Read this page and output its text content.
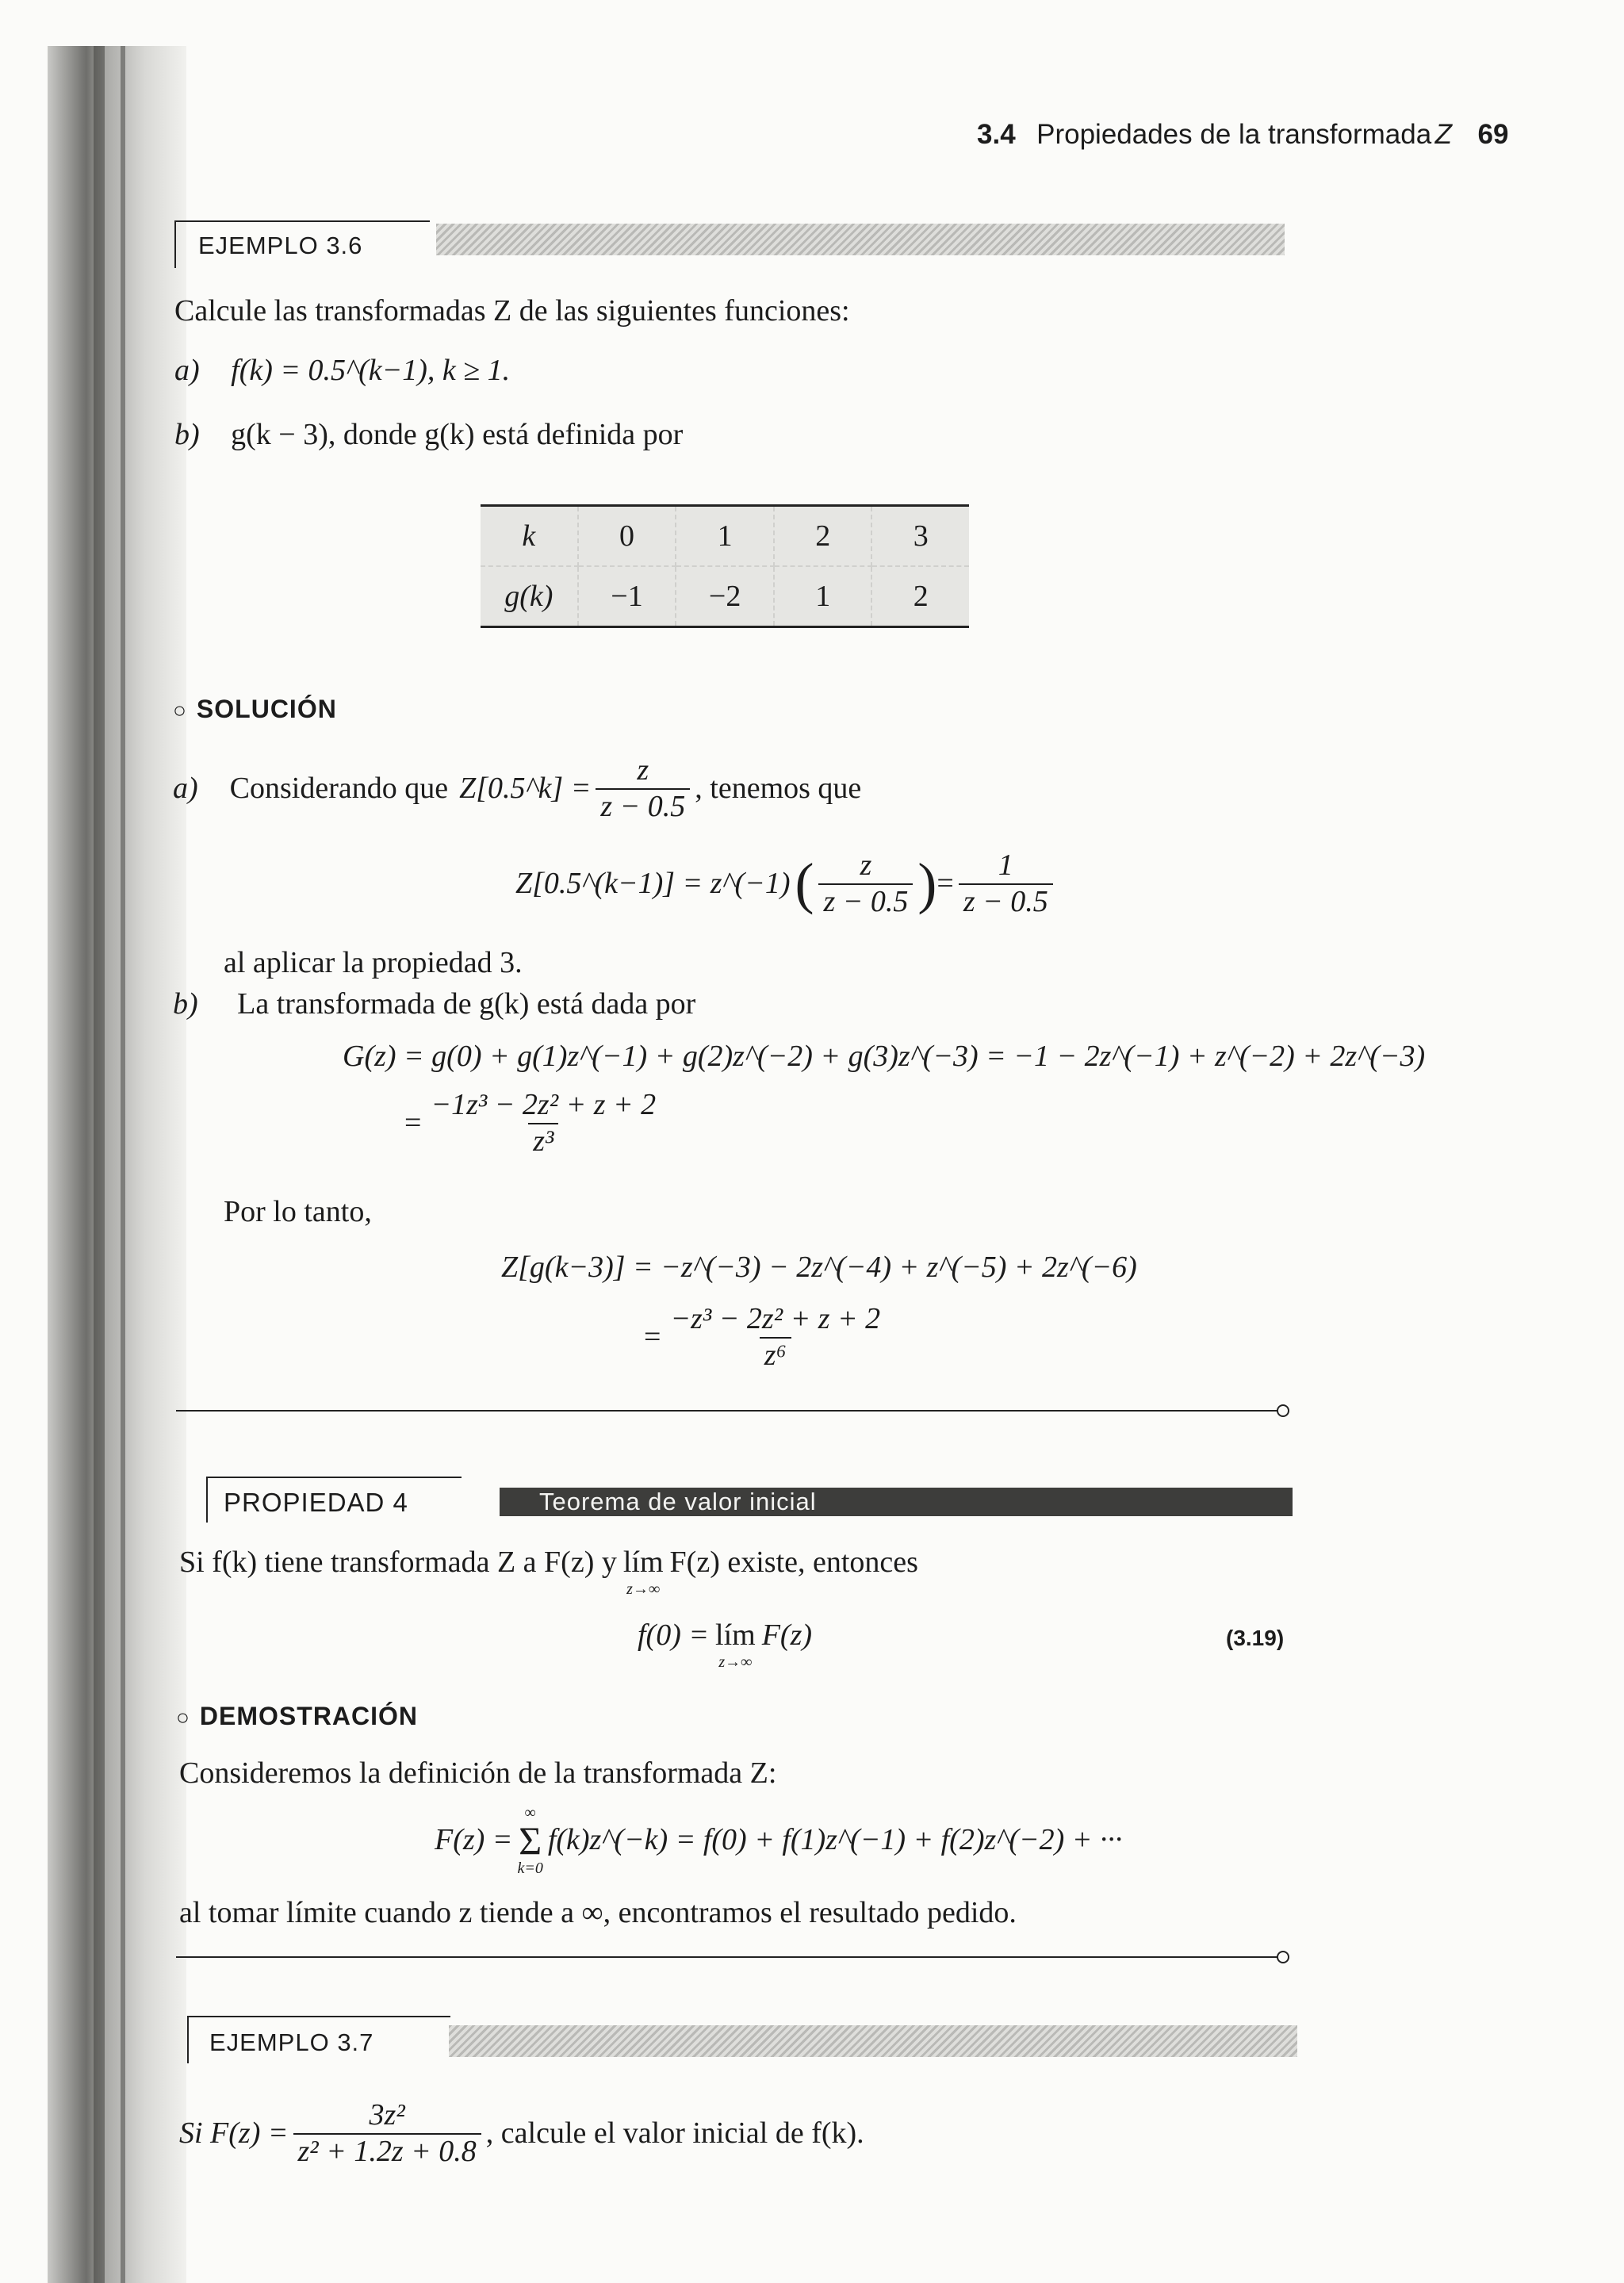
3.4 Propiedades de la transformada Z 69
EJEMPLO 3.6
Calcule las transformadas Z de las siguientes funciones:
a) f(k) = 0.5^(k−1), k ≥ 1.
b) g(k − 3), donde g(k) está definida por
k	0	1	2	3
g(k)	−1	−2	1	2
○ SOLUCIÓN
a) Considerando que Z[0.5^k] = $\frac{z}{z - 0.5}$ , tenemos que
Z[0.5^(k−1)] = z^(−1) ( $\frac{z}{z - 0.5}$ ) = $\frac{1}{z - 0.5}$
al aplicar la propiedad 3.
b) La transformada de g(k) está dada por
G(z) = g(0) + g(1)z^(−1) + g(2)z^(−2) + g(3)z^(−3) = −1 − 2z^(−1) + z^(−2) + 2z^(−3)
= $\frac{\text{−1z³ − 2z² + z + 2}}{\text{z³}}$
Por lo tanto,
Z[g(k−3)] = −z^(−3) − 2z^(−4) + z^(−5) + 2z^(−6)
= $\frac{\text{−z³ − 2z² + z + 2}}{\text{z⁶}}$
PROPIEDAD 4	Teorema de valor inicial
Si f(k) tiene transformada Z a F(z) y lím
z→∞
F(z) existe, entonces
f(0) = lím
z→∞
F(z)	(3.19)
○ DEMOSTRACIÓN
Consideremos la definición de la transformada Z:
F(z) =
∞
Σ
k=0
f(k)z^(−k) = f(0) + f(1)z^(−1) + f(2)z^(−2) + ···
al tomar límite cuando z tiende a ∞, encontramos el resultado pedido.
EJEMPLO 3.7
Si $F(z) = \frac{\text{3z²}}{\text{z² + 1.2z + 0.8}}$ , calcule el valor inicial de f(k).
